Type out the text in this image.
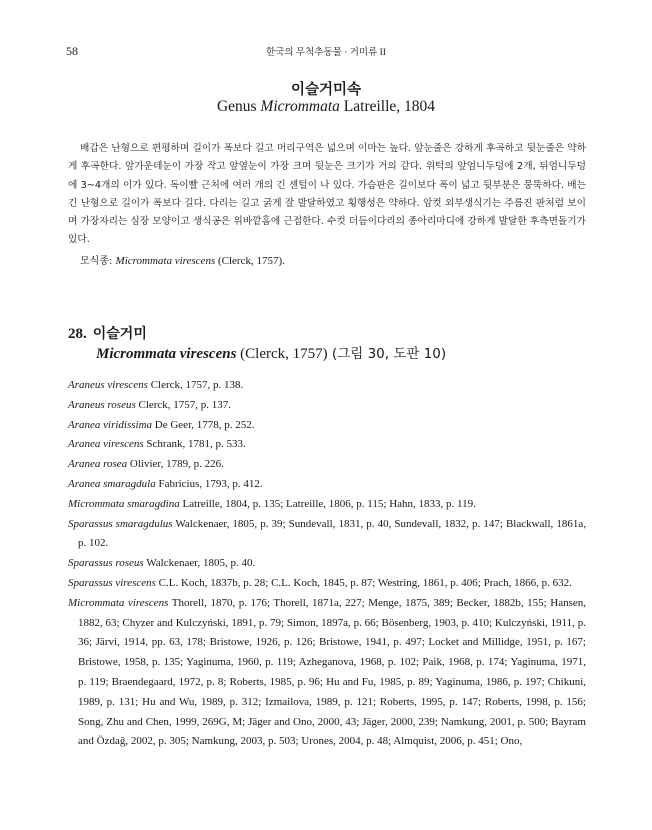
58	한국의 무척추동물 · 거미류 II
이슬거미속
Genus Micrommata Latreille, 1804

배갑은 난형으로 편평하며 길이가 폭보다 길고 머리구역은 넓으며 이마는 높다. 앞눈줄은 강하게 후곡하고 뒷눈줄은 약하게 후곡한다. 앞가운데눈이 가장 작고 앞옆눈이 가장 크며 뒷눈은 크기가 거의 같다. 위턱의 앞엄니두덩에 2개, 뒤엄니두덩에 3~4개의 이가 있다. 독이빨 근처에 여러 개의 긴 센털이 나 있다. 가슴판은 길이보다 폭이 넓고 뒷부분은 뭉뚝하다. 배는 긴 난형으로 길이가 폭보다 길다. 다리는 길고 굵게 잘 발달하였고 횡행성은 약하다. 암컷 외부생식기는 주름진 판처럼 보이며 가장자리는 심장 모양이고 생식공은 위바깥홈에 근접한다. 수컷 더듬이다리의 종아리마디에 강하게 발달한 후측면돌기가 있다.

모식종: Micrommata virescens (Clerck, 1757).
28. 이슬거미
Micrommata virescens (Clerck, 1757) (그림 30, 도판 10)
Araneus virescens Clerck, 1757, p. 138.
Araneus roseus Clerck, 1757, p. 137.
Aranea viridissima De Geer, 1778, p. 252.
Aranea virescens Schrank, 1781, p. 533.
Aranea rosea Olivier, 1789, p. 226.
Aranea smaragdula Fabricius, 1793, p. 412.
Micrommata smaragdina Latreille, 1804, p. 135; Latreille, 1806, p. 115; Hahn, 1833, p. 119.
Sparassus smaragdulus Walckenaer, 1805, p. 39; Sundevall, 1831, p. 40, Sundevall, 1832, p. 147; Blackwall, 1861a, p. 102.
Sparassus roseus Walckenaer, 1805, p. 40.
Sparassus virescens C.L. Koch, 1837b, p. 28; C.L. Koch, 1845, p. 87; Westring, 1861, p. 406; Prach, 1866, p. 632.
Micrommata virescens Thorell, 1870, p. 176; Thorell, 1871a, 227; Menge, 1875, 389; Becker, 1882b, 155; Hansen, 1882, 63; Chyzer and Kulczyński, 1891, p. 79; Simon, 1897a, p. 66; Bösenberg, 1903, p. 410; Kulczyński, 1911, p. 36; Järvi, 1914, pp. 63, 178; Bristowe, 1926, p. 126; Bristowe, 1941, p. 497; Locket and Millidge, 1951, p. 167; Bristowe, 1958, p. 135; Yaginuma, 1960, p. 119; Azheganova, 1968, p. 102; Paik, 1968, p. 174; Yaginuma, 1971, p. 119; Braendegaard, 1972, p. 8; Roberts, 1985, p. 96; Hu and Fu, 1985, p. 89; Yaginuma, 1986, p. 197; Chikuni, 1989, p. 131; Hu and Wu, 1989, p. 312; Izmailova, 1989, p. 121; Roberts, 1995, p. 147; Roberts, 1998, p. 156; Song, Zhu and Chen, 1999, 269G, M; Jäger and Ono, 2000, 43; Jäger, 2000, 239; Namkung, 2001, p. 500; Bayram and Özdağ, 2002, p. 305; Namkung, 2003, p. 503; Urones, 2004, p. 48; Almquist, 2006, p. 451; Ono,
